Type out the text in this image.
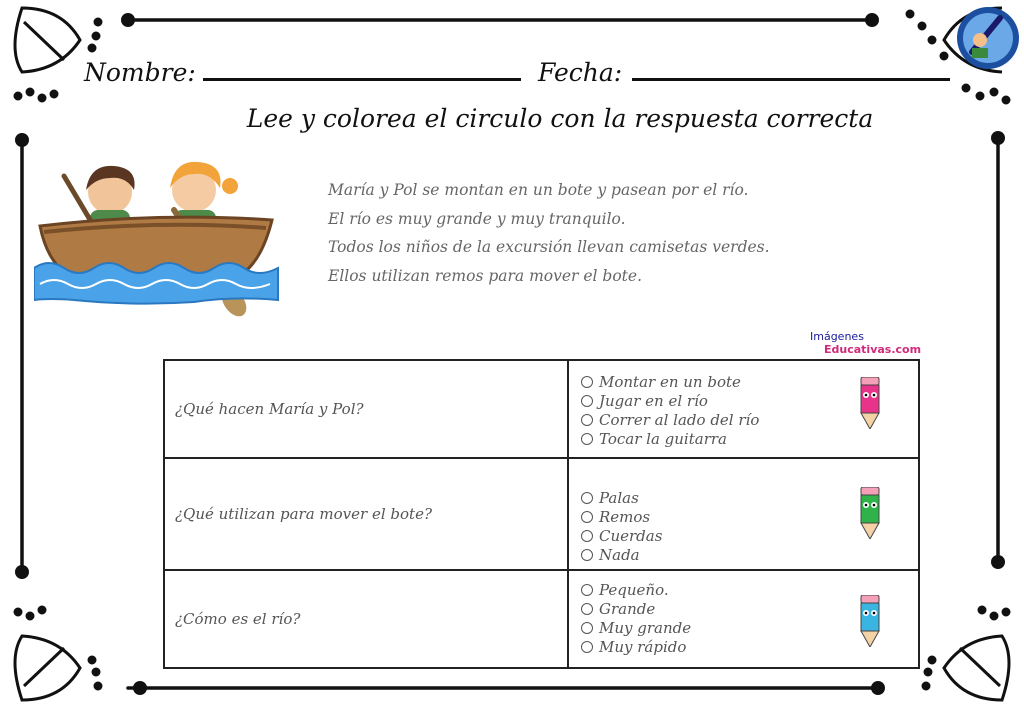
Nombre:	Fecha:
Lee y colorea el circulo con la respuesta correcta

María y Pol se montan en un bote y pasean por el río.

El río es muy grande y muy tranquilo.

Todos los niños de la excursión llevan camisetas verdes.

Ellos utilizan remos para mover el bote.

Imágenes
Educativas.com
¿Qué hacen María y Pol?
Montar en un bote
Jugar en el río
Correr al lado del río
Tocar la guitarra
¿Qué utilizan para mover el bote?
Palas
Remos
Cuerdas
Nada
¿Cómo es el río?
Pequeño.
Grande
Muy grande
Muy rápido
